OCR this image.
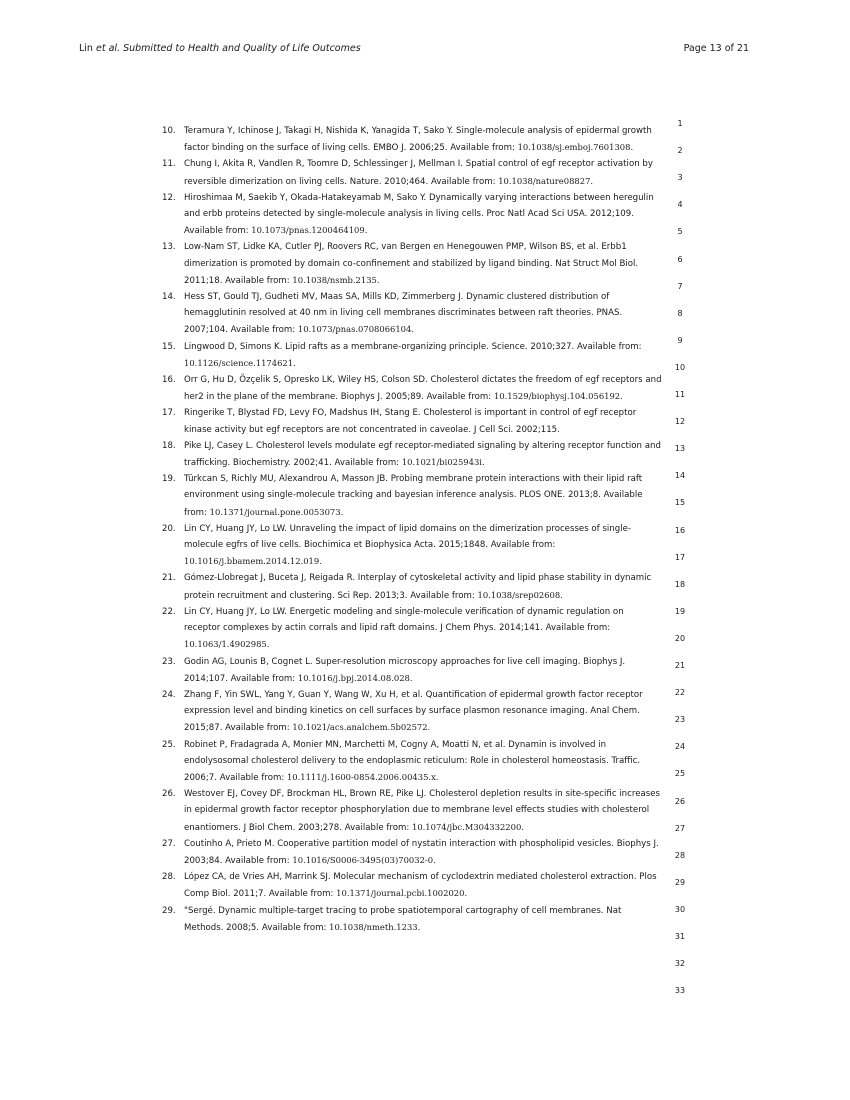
Lin et al. Submitted to Health and Quality of Life Outcomes	Page 13 of 21
10. Teramura Y, Ichinose J, Takagi H, Nishida K, Yanagida T, Sako Y. Single-molecule analysis of epidermal growth factor binding on the surface of living cells. EMBO J. 2006;25. Available from: 10.1038/sj.emboj.7601308.
11. Chung I, Akita R, Vandlen R, Toomre D, Schlessinger J, Mellman I. Spatial control of egf receptor activation by reversible dimerization on living cells. Nature. 2010;464. Available from: 10.1038/nature08827.
12. Hiroshimaa M, Saekib Y, Okada-Hatakeyamab M, Sako Y. Dynamically varying interactions between heregulin and erbb proteins detected by single-molecule analysis in living cells. Proc Natl Acad Sci USA. 2012;109. Available from: 10.1073/pnas.1200464109.
13. Low-Nam ST, Lidke KA, Cutler PJ, Roovers RC, van Bergen en Henegouwen PMP, Wilson BS, et al. Erbb1 dimerization is promoted by domain co-confinement and stabilized by ligand binding. Nat Struct Mol Biol. 2011;18. Available from: 10.1038/nsmb.2135.
14. Hess ST, Gould TJ, Gudheti MV, Maas SA, Mills KD, Zimmerberg J. Dynamic clustered distribution of hemagglutinin resolved at 40 nm in living cell membranes discriminates between raft theories. PNAS. 2007;104. Available from: 10.1073/pnas.0708066104.
15. Lingwood D, Simons K. Lipid rafts as a membrane-organizing principle. Science. 2010;327. Available from: 10.1126/science.1174621.
16. Orr G, Hu D, Özçelik S, Opresko LK, Wiley HS, Colson SD. Cholesterol dictates the freedom of egf receptors and her2 in the plane of the membrane. Biophys J. 2005;89. Available from: 10.1529/biophysj.104.056192.
17. Ringerike T, Blystad FD, Levy FO, Madshus IH, Stang E. Cholesterol is important in control of egf receptor kinase activity but egf receptors are not concentrated in caveolae. J Cell Sci. 2002;115.
18. Pike LJ, Casey L. Cholesterol levels modulate egf receptor-mediated signaling by altering receptor function and trafficking. Biochemistry. 2002;41. Available from: 10.1021/bi025943i.
19. Türkcan S, Richly MU, Alexandrou A, Masson JB. Probing membrane protein interactions with their lipid raft environment using single-molecule tracking and bayesian inference analysis. PLOS ONE. 2013;8. Available from: 10.1371/journal.pone.0053073.
20. Lin CY, Huang JY, Lo LW. Unraveling the impact of lipid domains on the dimerization processes of single-molecule egfrs of live cells. Biochimica et Biophysica Acta. 2015;1848. Available from: 10.1016/j.bbamem.2014.12.019.
21. Gómez-Llobregat J, Buceta J, Reigada R. Interplay of cytoskeletal activity and lipid phase stability in dynamic protein recruitment and clustering. Sci Rep. 2013;3. Available from: 10.1038/srep02608.
22. Lin CY, Huang JY, Lo LW. Energetic modeling and single-molecule verification of dynamic regulation on receptor complexes by actin corrals and lipid raft domains. J Chem Phys. 2014;141. Available from: 10.1063/1.4902985.
23. Godin AG, Lounis B, Cognet L. Super-resolution microscopy approaches for live cell imaging. Biophys J. 2014;107. Available from: 10.1016/j.bpj.2014.08.028.
24. Zhang F, Yin SWL, Yang Y, Guan Y, Wang W, Xu H, et al. Quantification of epidermal growth factor receptor expression level and binding kinetics on cell surfaces by surface plasmon resonance imaging. Anal Chem. 2015;87. Available from: 10.1021/acs.analchem.5b02572.
25. Robinet P, Fradagrada A, Monier MN, Marchetti M, Cogny A, Moatti N, et al. Dynamin is involved in endolysosomal cholesterol delivery to the endoplasmic reticulum: Role in cholesterol homeostasis. Traffic. 2006;7. Available from: 10.1111/j.1600-0854.2006.00435.x.
26. Westover EJ, Covey DF, Brockman HL, Brown RE, Pike LJ. Cholesterol depletion results in site-specific increases in epidermal growth factor receptor phosphorylation due to membrane level effects studies with cholesterol enantiomers. J Biol Chem. 2003;278. Available from: 10.1074/jbc.M304332200.
27. Coutinho A, Prieto M. Cooperative partition model of nystatin interaction with phospholipid vesicles. Biophys J. 2003;84. Available from: 10.1016/S0006-3495(03)70032-0.
28. López CA, de Vries AH, Marrink SJ. Molecular mechanism of cyclodextrin mediated cholesterol extraction. Plos Comp Biol. 2011;7. Available from: 10.1371/journal.pcbi.1002020.
29. "Sergé. Dynamic multiple-target tracing to probe spatiotemporal cartography of cell membranes. Nat Methods. 2008;5. Available from: 10.1038/nmeth.1233.
1
2
3
4
5
6
7
8
9
10
11
12
13
14
15
16
17
18
19
20
21
22
23
24
25
26
27
28
29
30
31
32
33
